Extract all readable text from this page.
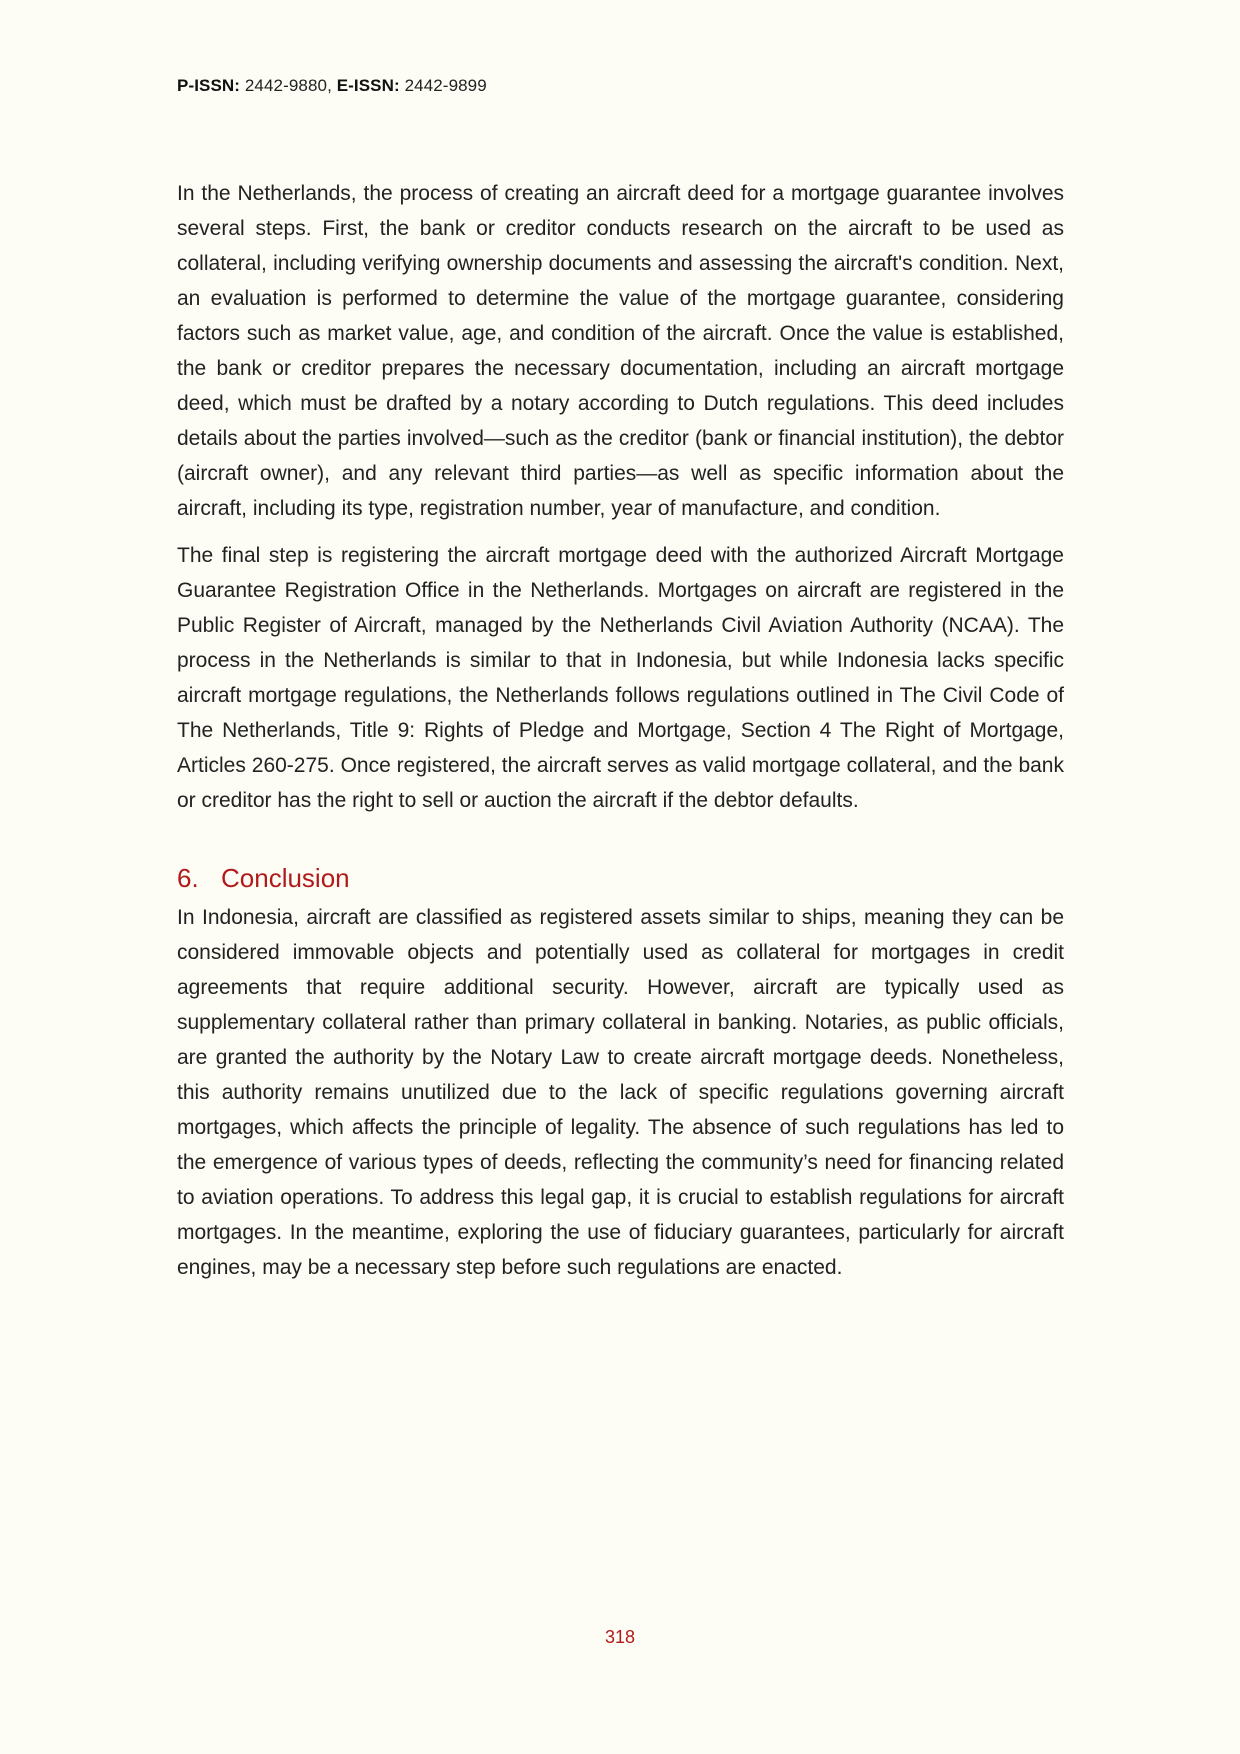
P-ISSN: 2442-9880, E-ISSN: 2442-9899

In the Netherlands, the process of creating an aircraft deed for a mortgage guarantee involves several steps. First, the bank or creditor conducts research on the aircraft to be used as collateral, including verifying ownership documents and assessing the aircraft's condition. Next, an evaluation is performed to determine the value of the mortgage guarantee, considering factors such as market value, age, and condition of the aircraft. Once the value is established, the bank or creditor prepares the necessary documentation, including an aircraft mortgage deed, which must be drafted by a notary according to Dutch regulations. This deed includes details about the parties involved—such as the creditor (bank or financial institution), the debtor (aircraft owner), and any relevant third parties—as well as specific information about the aircraft, including its type, registration number, year of manufacture, and condition.

The final step is registering the aircraft mortgage deed with the authorized Aircraft Mortgage Guarantee Registration Office in the Netherlands. Mortgages on aircraft are registered in the Public Register of Aircraft, managed by the Netherlands Civil Aviation Authority (NCAA). The process in the Netherlands is similar to that in Indonesia, but while Indonesia lacks specific aircraft mortgage regulations, the Netherlands follows regulations outlined in The Civil Code of The Netherlands, Title 9: Rights of Pledge and Mortgage, Section 4 The Right of Mortgage, Articles 260-275. Once registered, the aircraft serves as valid mortgage collateral, and the bank or creditor has the right to sell or auction the aircraft if the debtor defaults.

6. Conclusion

In Indonesia, aircraft are classified as registered assets similar to ships, meaning they can be considered immovable objects and potentially used as collateral for mortgages in credit agreements that require additional security. However, aircraft are typically used as supplementary collateral rather than primary collateral in banking. Notaries, as public officials, are granted the authority by the Notary Law to create aircraft mortgage deeds. Nonetheless, this authority remains unutilized due to the lack of specific regulations governing aircraft mortgages, which affects the principle of legality. The absence of such regulations has led to the emergence of various types of deeds, reflecting the community’s need for financing related to aviation operations. To address this legal gap, it is crucial to establish regulations for aircraft mortgages. In the meantime, exploring the use of fiduciary guarantees, particularly for aircraft engines, may be a necessary step before such regulations are enacted.

318
